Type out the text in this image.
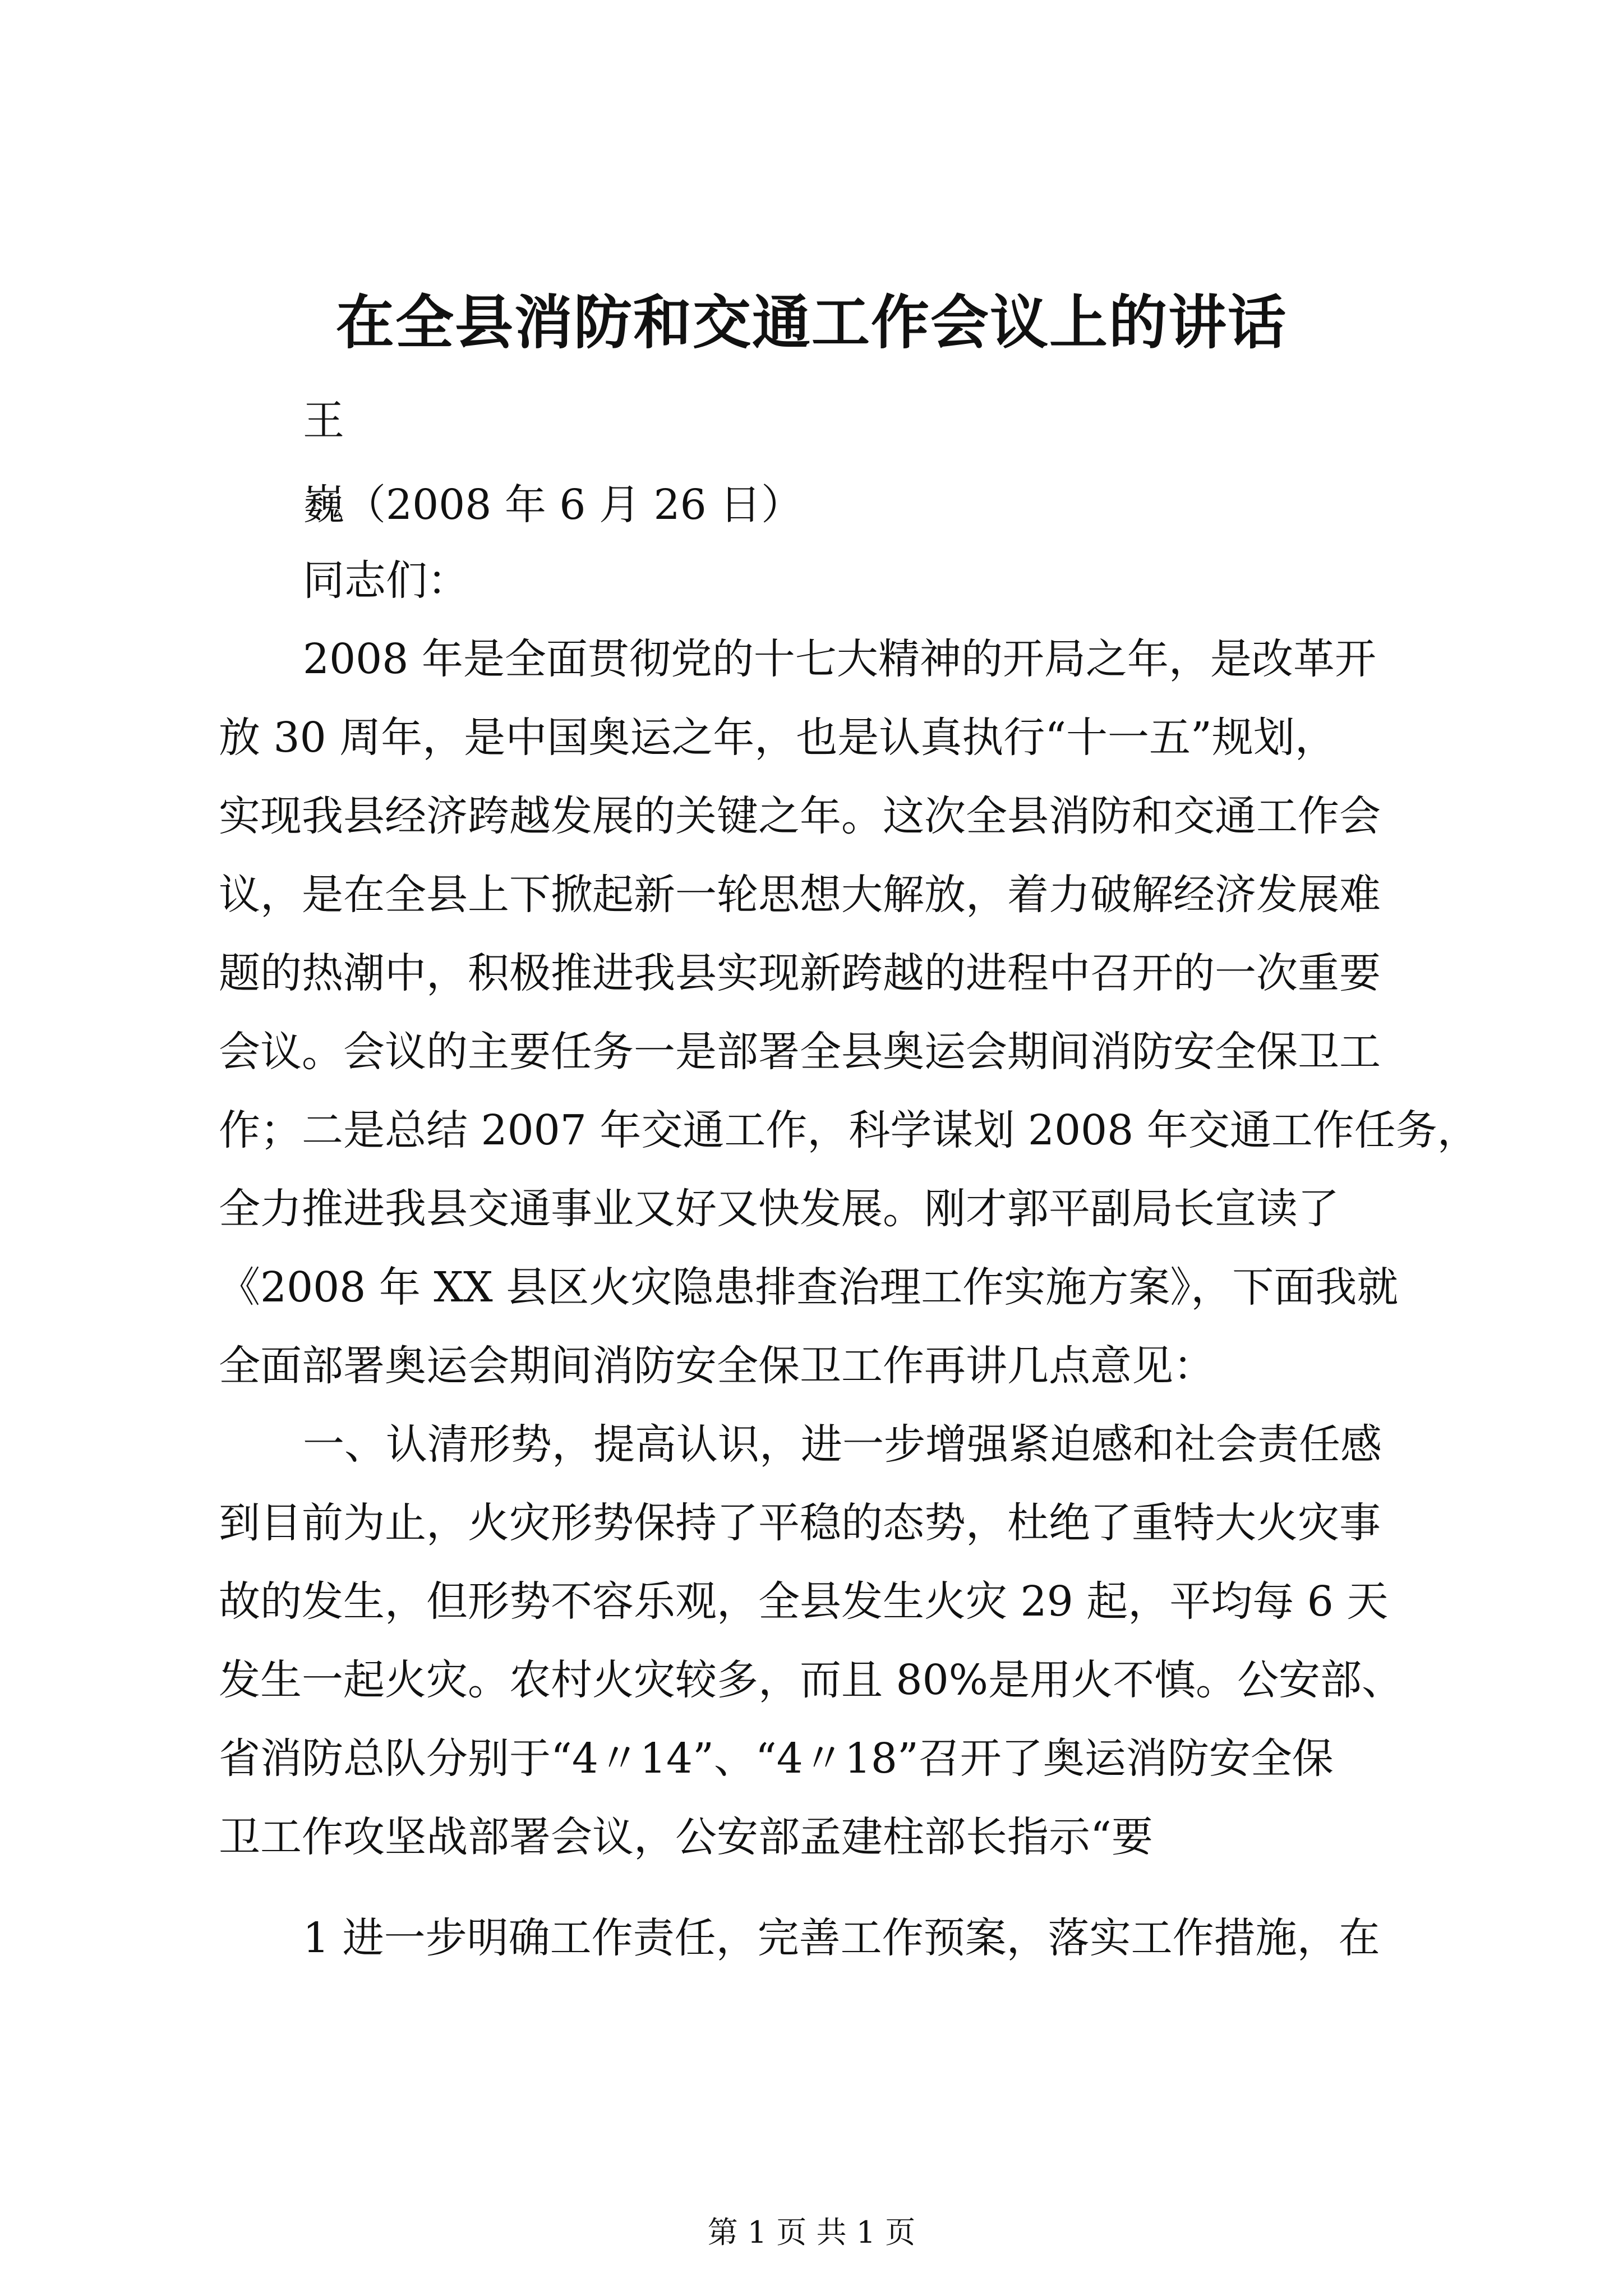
在全县消防和交通工作会议上的讲话
王
巍（2008 年 6 月 26 日）
同志们：
2008 年是全面贯彻党的十七大精神的开局之年，是改革开
放 30 周年，是中国奥运之年，也是认真执行“十一五”规划，
实现我县经济跨越发展的关键之年。这次全县消防和交通工作会
议，是在全县上下掀起新一轮思想大解放，着力破解经济发展难
题的热潮中，积极推进我县实现新跨越的进程中召开的一次重要
会议。会议的主要任务一是部署全县奥运会期间消防安全保卫工
作；二是总结 2007 年交通工作，科学谋划 2008 年交通工作任务，
全力推进我县交通事业又好又快发展。刚才郭平副局长宣读了
《2008 年 XX 县区火灾隐患排查治理工作实施方案》，下面我就
全面部署奥运会期间消防安全保卫工作再讲几点意见：
一、认清形势，提高认识，进一步增强紧迫感和社会责任感
到目前为止，火灾形势保持了平稳的态势，杜绝了重特大火灾事
故的发生，但形势不容乐观，全县发生火灾 29 起，平均每 6 天
发生一起火灾。农村火灾较多，而且 80%是用火不慎。公安部、
省消防总队分别于“4〃14”、“4〃18”召开了奥运消防安全保
卫工作攻坚战部署会议，公安部孟建柱部长指示“要
1 进一步明确工作责任，完善工作预案，落实工作措施，在
第 1 页 共 1 页
